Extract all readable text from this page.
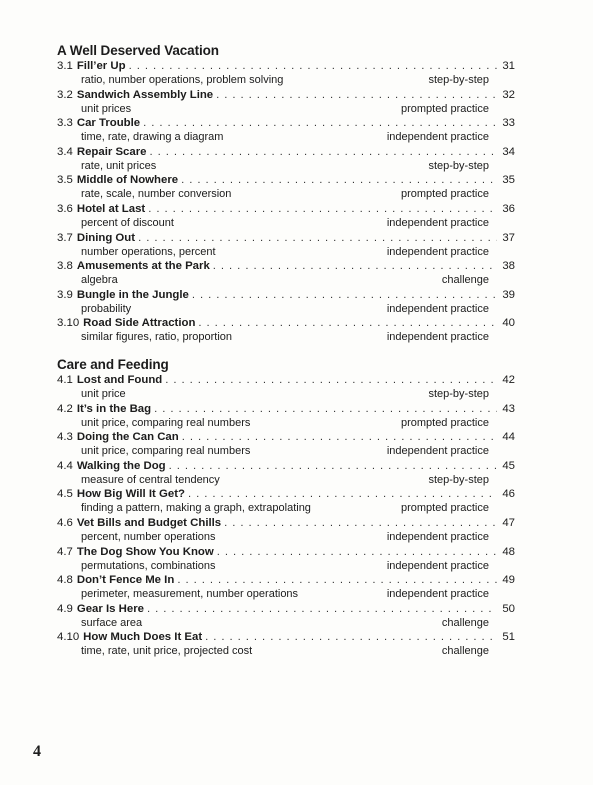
A Well Deserved Vacation
3.1 Fill’er Up . . .	31
ratio, number operations, problem solving	step-by-step
3.2 Sandwich Assembly Line . . .	32
unit prices	prompted practice
3.3 Car Trouble . . .	33
time, rate, drawing a diagram	independent practice
3.4 Repair Scare . . .	34
rate, unit prices	step-by-step
3.5 Middle of Nowhere . . .	35
rate, scale, number conversion	prompted practice
3.6 Hotel at Last . . .	36
percent of discount	independent practice
3.7 Dining Out . . .	37
number operations, percent	independent practice
3.8 Amusements at the Park . . .	38
algebra	challenge
3.9 Bungle in the Jungle . . .	39
probability	independent practice
3.10 Road Side Attraction . . .	40
similar figures, ratio, proportion	independent practice
Care and Feeding
4.1 Lost and Found . . .	42
unit price	step-by-step
4.2 It’s in the Bag . . .	43
unit price, comparing real numbers	prompted practice
4.3 Doing the Can Can . . .	44
unit price, comparing real numbers	independent practice
4.4 Walking the Dog . . .	45
measure of central tendency	step-by-step
4.5 How Big Will It Get? . . .	46
finding a pattern, making a graph, extrapolating	prompted practice
4.6 Vet Bills and Budget Chills . . .	47
percent, number operations	independent practice
4.7 The Dog Show You Know . . .	48
permutations, combinations	independent practice
4.8 Don’t Fence Me In . . .	49
perimeter, measurement, number operations	independent practice
4.9 Gear Is Here . . .	50
surface area	challenge
4.10 How Much Does It Eat . . .	51
time, rate, unit price, projected cost	challenge
4
